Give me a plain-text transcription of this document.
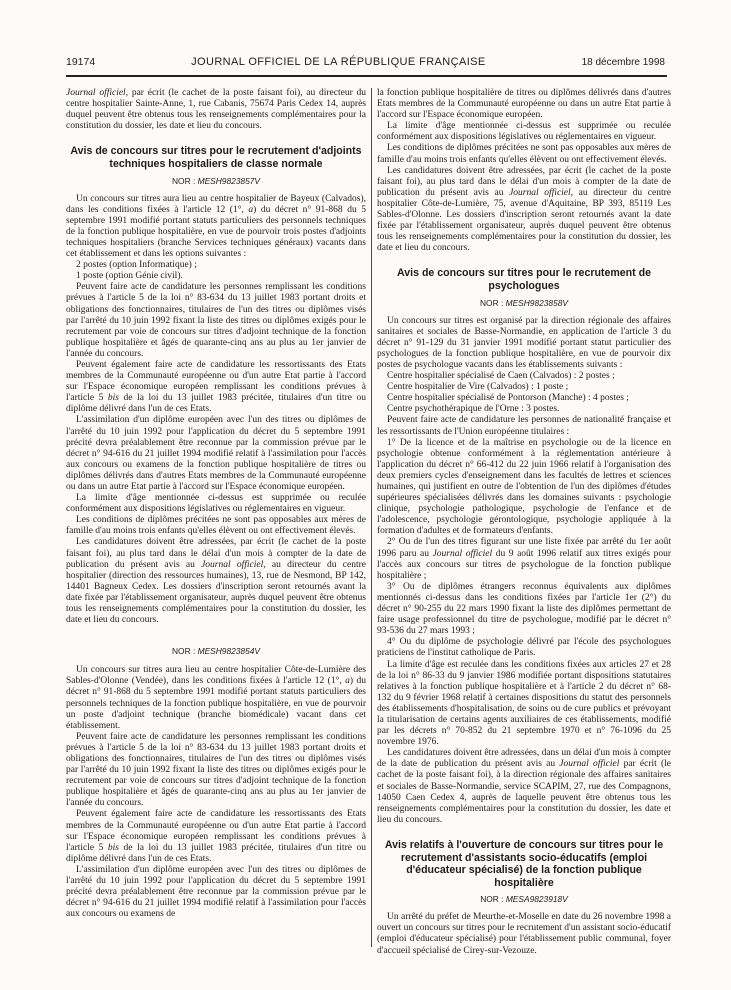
19174	JOURNAL OFFICIEL DE LA RÉPUBLIQUE FRANÇAISE	18 décembre 1998

Journal officiel, par écrit (le cachet de la poste faisant foi), au directeur du centre hospitalier Sainte-Anne, 1, rue Cabanis, 75674 Paris Cedex 14, auprès duquel peuvent être obtenus tous les renseignements complémentaires pour la constitution du dossier, les date et lieu du concours.

Avis de concours sur titres pour le recrutement d'adjoints techniques hospitaliers de classe normale

NOR : MESH9823857V

Un concours sur titres aura lieu au centre hospitalier de Bayeux (Calvados), dans les conditions fixées à l'article 12 (1°, a) du décret n° 91-868 du 5 septembre 1991 modifié portant statuts particuliers des personnels techniques de la fonction publique hospitalière, en vue de pourvoir trois postes d'adjoints techniques hospitaliers (branche Services techniques généraux) vacants dans cet établissement et dans les options suivantes :

2 postes (option Informatique) ;

1 poste (option Génie civil).

Peuvent faire acte de candidature les personnes remplissant les conditions prévues à l'article 5 de la loi n° 83-634 du 13 juillet 1983 portant droits et obligations des fonctionnaires, titulaires de l'un des titres ou diplômes visés par l'arrêté du 10 juin 1992 fixant la liste des titres ou diplômes exigés pour le recrutement par voie de concours sur titres d'adjoint technique de la fonction publique hospitalière et âgés de quarante-cinq ans au plus au 1er janvier de l'année du concours.

Peuvent également faire acte de candidature les ressortissants des Etats membres de la Communauté européenne ou d'un autre Etat partie à l'accord sur l'Espace économique européen remplissant les conditions prévues à l'article 5 bis de la loi du 13 juillet 1983 précitée, titulaires d'un titre ou diplôme délivré dans l'un de ces Etats.

L'assimilation d'un diplôme européen avec l'un des titres ou diplômes de l'arrêté du 10 juin 1992 pour l'application du décret du 5 septembre 1991 précité devra préalablement être reconnue par la commission prévue par le décret n° 94-616 du 21 juillet 1994 modifié relatif à l'assimilation pour l'accès aux concours ou examens de la fonction publique hospitalière de titres ou diplômes délivrés dans d'autres Etats membres de la Communauté européenne ou dans un autre Etat partie à l'accord sur l'Espace économique européen.

La limite d'âge mentionnée ci-dessus est supprimée ou reculée conformément aux dispositions législatives ou réglementaires en vigueur.

Les conditions de diplômes précitées ne sont pas opposables aux mères de famille d'au moins trois enfants qu'elles élèvent ou ont effectivement élevés.

Les candidatures doivent être adressées, par écrit (le cachet de la poste faisant foi), au plus tard dans le délai d'un mois à compter de la date de publication du présent avis au Journal officiel, au directeur du centre hospitalier (direction des ressources humaines), 13, rue de Nesmond, BP 142, 14401 Bagneux Cedex. Les dossiers d'inscription seront retournés avant la date fixée par l'établissement organisateur, auprès duquel peuvent être obtenus tous les renseignements complémentaires pour la constitution du dossier, les date et lieu du concours.

NOR : MESH9823854V

Un concours sur titres aura lieu au centre hospitalier Côte-de-Lumière des Sables-d'Olonne (Vendée), dans les conditions fixées à l'article 12 (1°, a) du décret n° 91-868 du 5 septembre 1991 modifié portant statuts particuliers des personnels techniques de la fonction publique hospitalière, en vue de pourvoir un poste d'adjoint technique (branche biomédicale) vacant dans cet établissement.

Peuvent faire acte de candidature les personnes remplissant les conditions prévues à l'article 5 de la loi n° 83-634 du 13 juillet 1983 portant droits et obligations des fonctionnaires, titulaires de l'un des titres ou diplômes visés par l'arrêté du 10 juin 1992 fixant la liste des titres ou diplômes exigés pour le recrutement par voie de concours sur titres d'adjoint technique de la fonction publique hospitalière et âgés de quarante-cinq ans au plus au 1er janvier de l'année du concours.

Peuvent également faire acte de candidature les ressortissants des Etats membres de la Communauté européenne ou d'un autre Etat partie à l'accord sur l'Espace économique européen remplissant les conditions prévues à l'article 5 bis de la loi du 13 juillet 1983 précitée, titulaires d'un titre ou diplôme délivré dans l'un de ces Etats.

L'assimilation d'un diplôme européen avec l'un des titres ou diplômes de l'arrêté du 10 juin 1992 pour l'application du décret du 5 septembre 1991 précité devra préalablement être reconnue par la commission prévue par le décret n° 94-616 du 21 juillet 1994 modifié relatif à l'assimilation pour l'accès aux concours ou examens de

la fonction publique hospitalière de titres ou diplômes délivrés dans d'autres Etats membres de la Communauté européenne ou dans un autre Etat partie à l'accord sur l'Espace économique européen.

La limite d'âge mentionnée ci-dessus est supprimée ou reculée conformément aux dispositions législatives ou réglementaires en vigueur.

Les conditions de diplômes précitées ne sont pas opposables aux mères de famille d'au moins trois enfants qu'elles élèvent ou ont effectivement élevés.

Les candidatures doivent être adressées, par écrit (le cachet de la poste faisant foi), au plus tard dans le délai d'un mois à compter de la date de publication du présent avis au Journal officiel, au directeur du centre hospitalier Côte-de-Lumière, 75, avenue d'Aquitaine, BP 393, 85119 Les Sables-d'Olonne. Les dossiers d'inscription seront retournés avant la date fixée par l'établissement organisateur, auprès duquel peuvent être obtenus tous les renseignements complémentaires pour la constitution du dossier, les date et lieu du concours.

Avis de concours sur titres pour le recrutement de psychologues

NOR : MESH9823858V

Un concours sur titres est organisé par la direction régionale des affaires sanitaires et sociales de Basse-Normandie, en application de l'article 3 du décret n° 91-129 du 31 janvier 1991 modifié portant statut particulier des psychologues de la fonction publique hospitalière, en vue de pourvoir dix postes de psychologue vacants dans les établissements suivants :

Centre hospitalier spécialisé de Caen (Calvados) : 2 postes ;

Centre hospitalier de Vire (Calvados) : 1 poste ;

Centre hospitalier spécialisé de Pontorson (Manche) : 4 postes ;

Centre psychothérapique de l'Orne : 3 postes.

Peuvent faire acte de candidature les personnes de nationalité française et les ressortissants de l'Union européenne titulaires :

1° De la licence et de la maîtrise en psychologie ou de la licence en psychologie obtenue conformément à la réglementation antérieure à l'application du décret n° 66-412 du 22 juin 1966 relatif à l'organisation des deux premiers cycles d'enseignement dans les facultés de lettres et sciences humaines, qui justifient en outre de l'obtention de l'un des diplômes d'études supérieures spécialisées délivrés dans les domaines suivants : psychologie clinique, psychologie pathologique, psychologie de l'enfance et de l'adolescence, psychologie gérontologique, psychologie appliquée à la formation d'adultes et de formateurs d'enfants.

2° Ou de l'un des titres figurant sur une liste fixée par arrêté du 1er août 1996 paru au Journal officiel du 9 août 1996 relatif aux titres exigés pour l'accès aux concours sur titres de psychologue de la fonction publique hospitalière ;

3° Ou de diplômes étrangers reconnus équivalents aux diplômes mentionnés ci-dessus dans les conditions fixées par l'article 1er (2°) du décret n° 90-255 du 22 mars 1990 fixant la liste des diplômes permettant de faire usage professionnel du titre de psychologue, modifié par le décret n° 93-536 du 27 mars 1993 ;

4° Ou du diplôme de psychologie délivré par l'école des psychologues praticiens de l'institut catholique de Paris.

La limite d'âge est reculée dans les conditions fixées aux articles 27 et 28 de la loi n° 86-33 du 9 janvier 1986 modifiée portant dispositions statutaires relatives à la fonction publique hospitalière et à l'article 2 du décret n° 68-132 du 9 février 1968 relatif à certaines dispositions du statut des personnels des établissements d'hospitalisation, de soins ou de cure publics et prévoyant la titularisation de certains agents auxiliaires de ces établissements, modifié par les décrets n° 70-852 du 21 septembre 1970 et n° 76-1096 du 25 novembre 1976.

Les candidatures doivent être adressées, dans un délai d'un mois à compter de la date de publication du présent avis au Journal officiel par écrit (le cachet de la poste faisant foi), à la direction régionale des affaires sanitaires et sociales de Basse-Normandie, service SCAPIM, 27, rue des Compagnons, 14050 Caen Cedex 4, auprès de laquelle peuvent être obtenus tous les renseignements complémentaires pour la constitution du dossier, les date et lieu du concours.

Avis relatifs à l'ouverture de concours sur titres pour le recrutement d'assistants socio-éducatifs (emploi d'éducateur spécialisé) de la fonction publique hospitalière

NOR : MESA9823918V

Un arrêté du préfet de Meurthe-et-Moselle en date du 26 novembre 1998 a ouvert un concours sur titres pour le recrutement d'un assistant socio-éducatif (emploi d'éducateur spécialisé) pour l'établissement public communal, foyer d'accueil spécialisé de Cirey-sur-Vezouze.
